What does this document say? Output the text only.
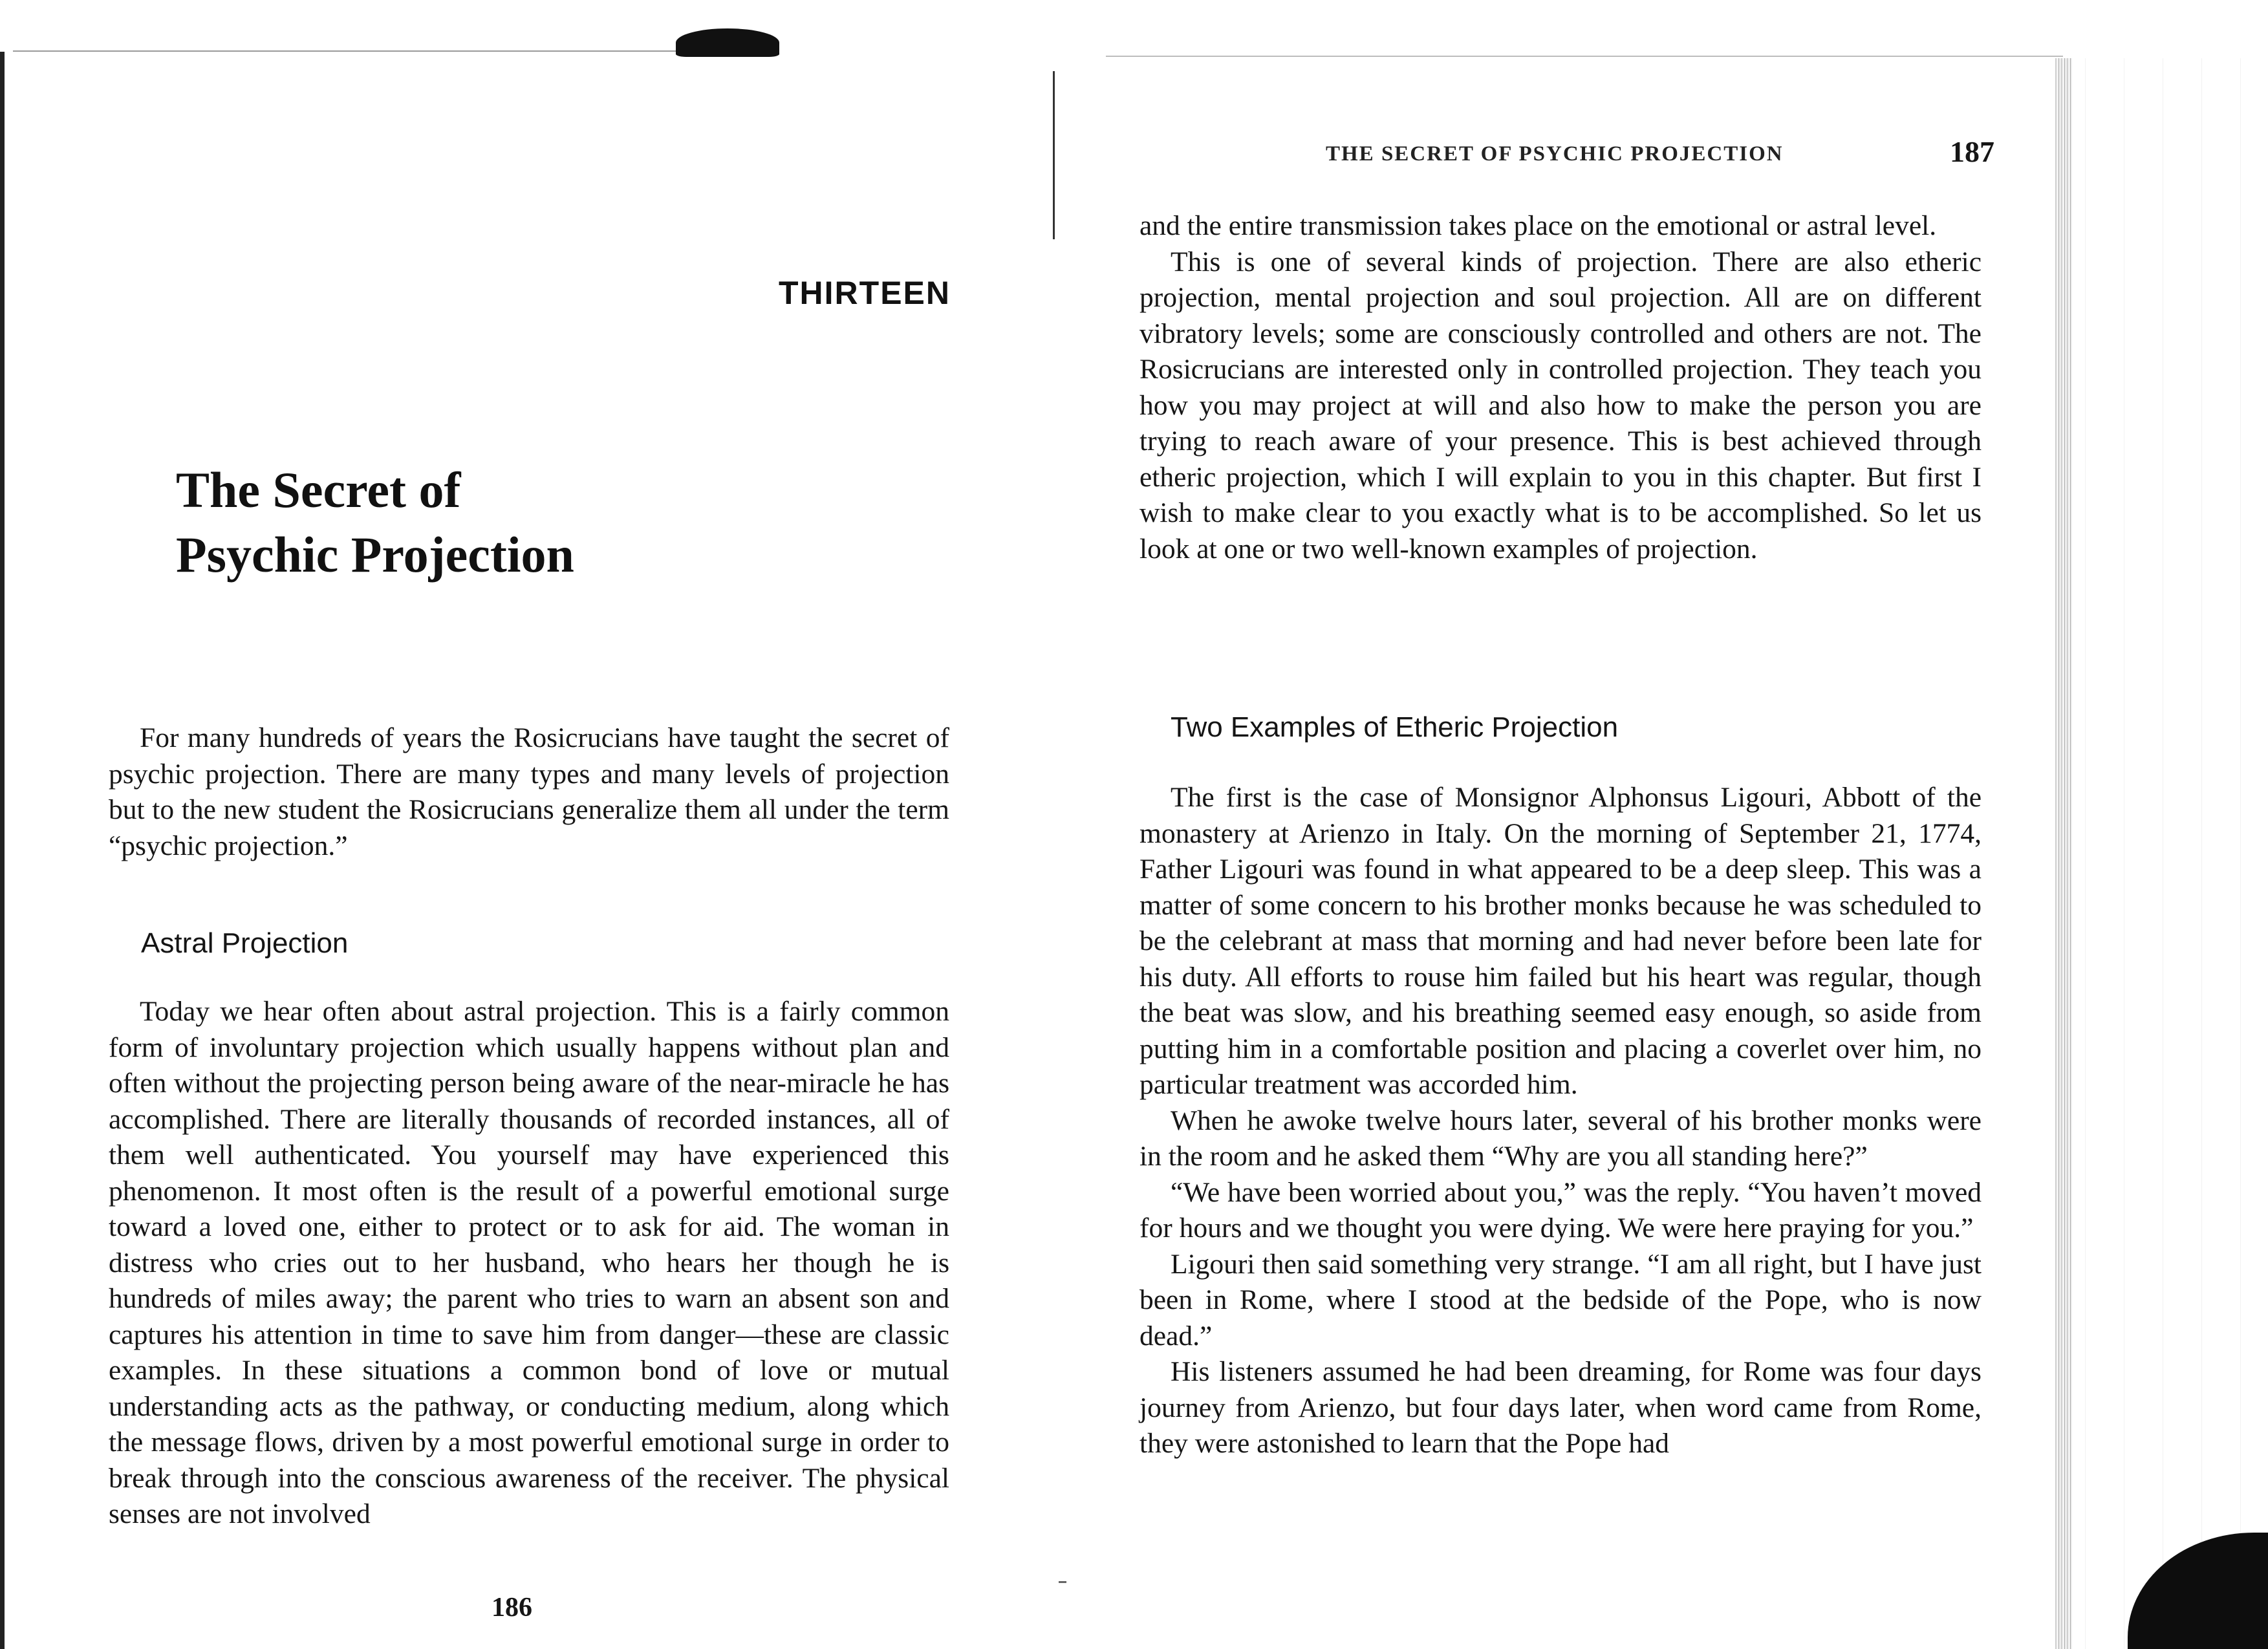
THIRTEEN
The Secret of
Psychic Projection

For many hundreds of years the Rosicrucians have taught the secret of psychic projection. There are many types and many levels of projection but to the new student the Rosicrucians generalize them all under the term “psychic projection.”

Astral Projection

Today we hear often about astral projection. This is a fairly common form of involuntary projection which usually happens without plan and often without the projecting person being aware of the near-miracle he has accomplished. There are literally thousands of recorded instances, all of them well authenticated. You yourself may have experienced this phenomenon. It most often is the result of a powerful emotional surge toward a loved one, either to protect or to ask for aid. The woman in distress who cries out to her husband, who hears her though he is hundreds of miles away; the parent who tries to warn an absent son and captures his attention in time to save him from danger—these are classic examples. In these situations a common bond of love or mutual understanding acts as the pathway, or conducting medium, along which the message flows, driven by a most powerful emotional surge in order to break through into the conscious awareness of the receiver. The physical senses are not involved

186
THE SECRET OF PSYCHIC PROJECTION	187

and the entire transmission takes place on the emotional or astral level.

This is one of several kinds of projection. There are also etheric projection, mental projection and soul projection. All are on different vibratory levels; some are consciously controlled and others are not. The Rosicrucians are interested only in controlled projection. They teach you how you may project at will and also how to make the person you are trying to reach aware of your presence. This is best achieved through etheric projection, which I will explain to you in this chapter. But first I wish to make clear to you exactly what is to be accomplished. So let us look at one or two well-known examples of projection.

Two Examples of Etheric Projection

The first is the case of Monsignor Alphonsus Ligouri, Abbott of the monastery at Arienzo in Italy. On the morning of September 21, 1774, Father Ligouri was found in what appeared to be a deep sleep. This was a matter of some concern to his brother monks because he was scheduled to be the celebrant at mass that morning and had never before been late for his duty. All efforts to rouse him failed but his heart was regular, though the beat was slow, and his breathing seemed easy enough, so aside from putting him in a comfortable position and placing a coverlet over him, no particular treatment was accorded him.

When he awoke twelve hours later, several of his brother monks were in the room and he asked them “Why are you all standing here?”

“We have been worried about you,” was the reply. “You haven’t moved for hours and we thought you were dying. We were here praying for you.”

Ligouri then said something very strange. “I am all right, but I have just been in Rome, where I stood at the bedside of the Pope, who is now dead.”

His listeners assumed he had been dreaming, for Rome was four days journey from Arienzo, but four days later, when word came from Rome, they were astonished to learn that the Pope had
